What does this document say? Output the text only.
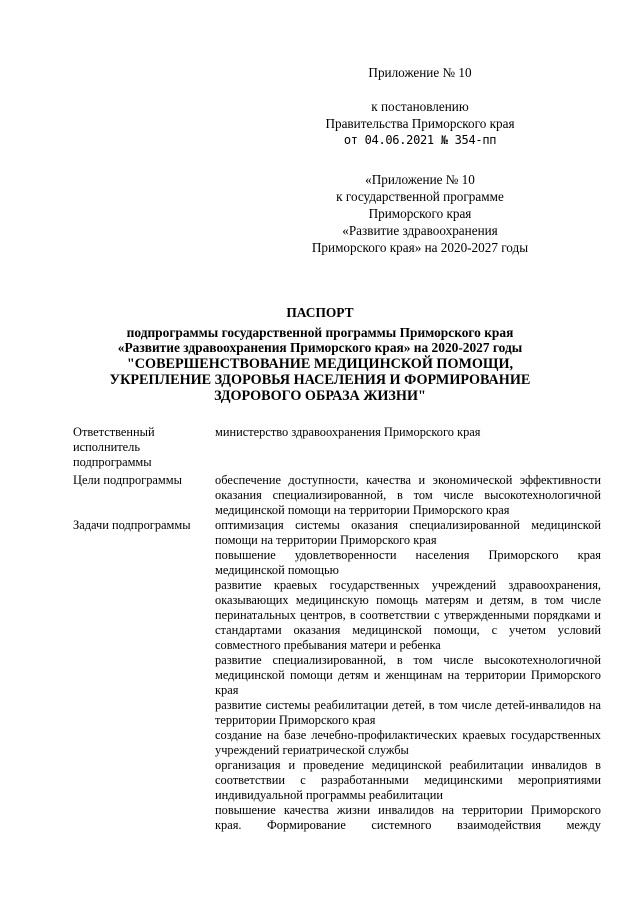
Приложение № 10
к постановлению
Правительства Приморского края
от 04.06.2021 № 354-пп
«Приложение № 10
к государственной программе
Приморского края
«Развитие здравоохранения
Приморского края» на 2020-2027 годы
ПАСПОРТ
подпрограммы государственной программы Приморского края
«Развитие здравоохранения Приморского края» на 2020-2027 годы
"СОВЕРШЕНСТВОВАНИЕ МЕДИЦИНСКОЙ ПОМОЩИ,
УКРЕПЛЕНИЕ ЗДОРОВЬЯ НАСЕЛЕНИЯ И ФОРМИРОВАНИЕ
ЗДОРОВОГО ОБРАЗА ЖИЗНИ"
Ответственный
исполнитель
подпрограммы
министерство здравоохранения Приморского края
Цели подпрограммы	обеспечение доступности, качества и экономической эффективности оказания специализированной, в том числе высокотехнологичной медицинской помощи на территории Приморского края
Задачи подпрограммы	оптимизация системы оказания специализированной медицинской помощи на территории Приморского края
повышение удовлетворенности населения Приморского края медицинской помощью
развитие краевых государственных учреждений здравоохранения, оказывающих медицинскую помощь матерям и детям, в том числе перинатальных центров, в соответствии с утвержденными порядками и стандартами оказания медицинской помощи, с учетом условий совместного пребывания матери и ребенка
развитие специализированной, в том числе высокотехнологичной медицинской помощи детям и женщинам на территории Приморского края
развитие системы реабилитации детей, в том числе детей-инвалидов на территории Приморского края
создание на базе лечебно-профилактических краевых государственных учреждений гериатрической службы
организация и проведение медицинской реабилитации инвалидов в соответствии с разработанными медицинскими мероприятиями индивидуальной программы реабилитации
повышение качества жизни инвалидов на территории Приморского края. Формирование системного взаимодействия между
